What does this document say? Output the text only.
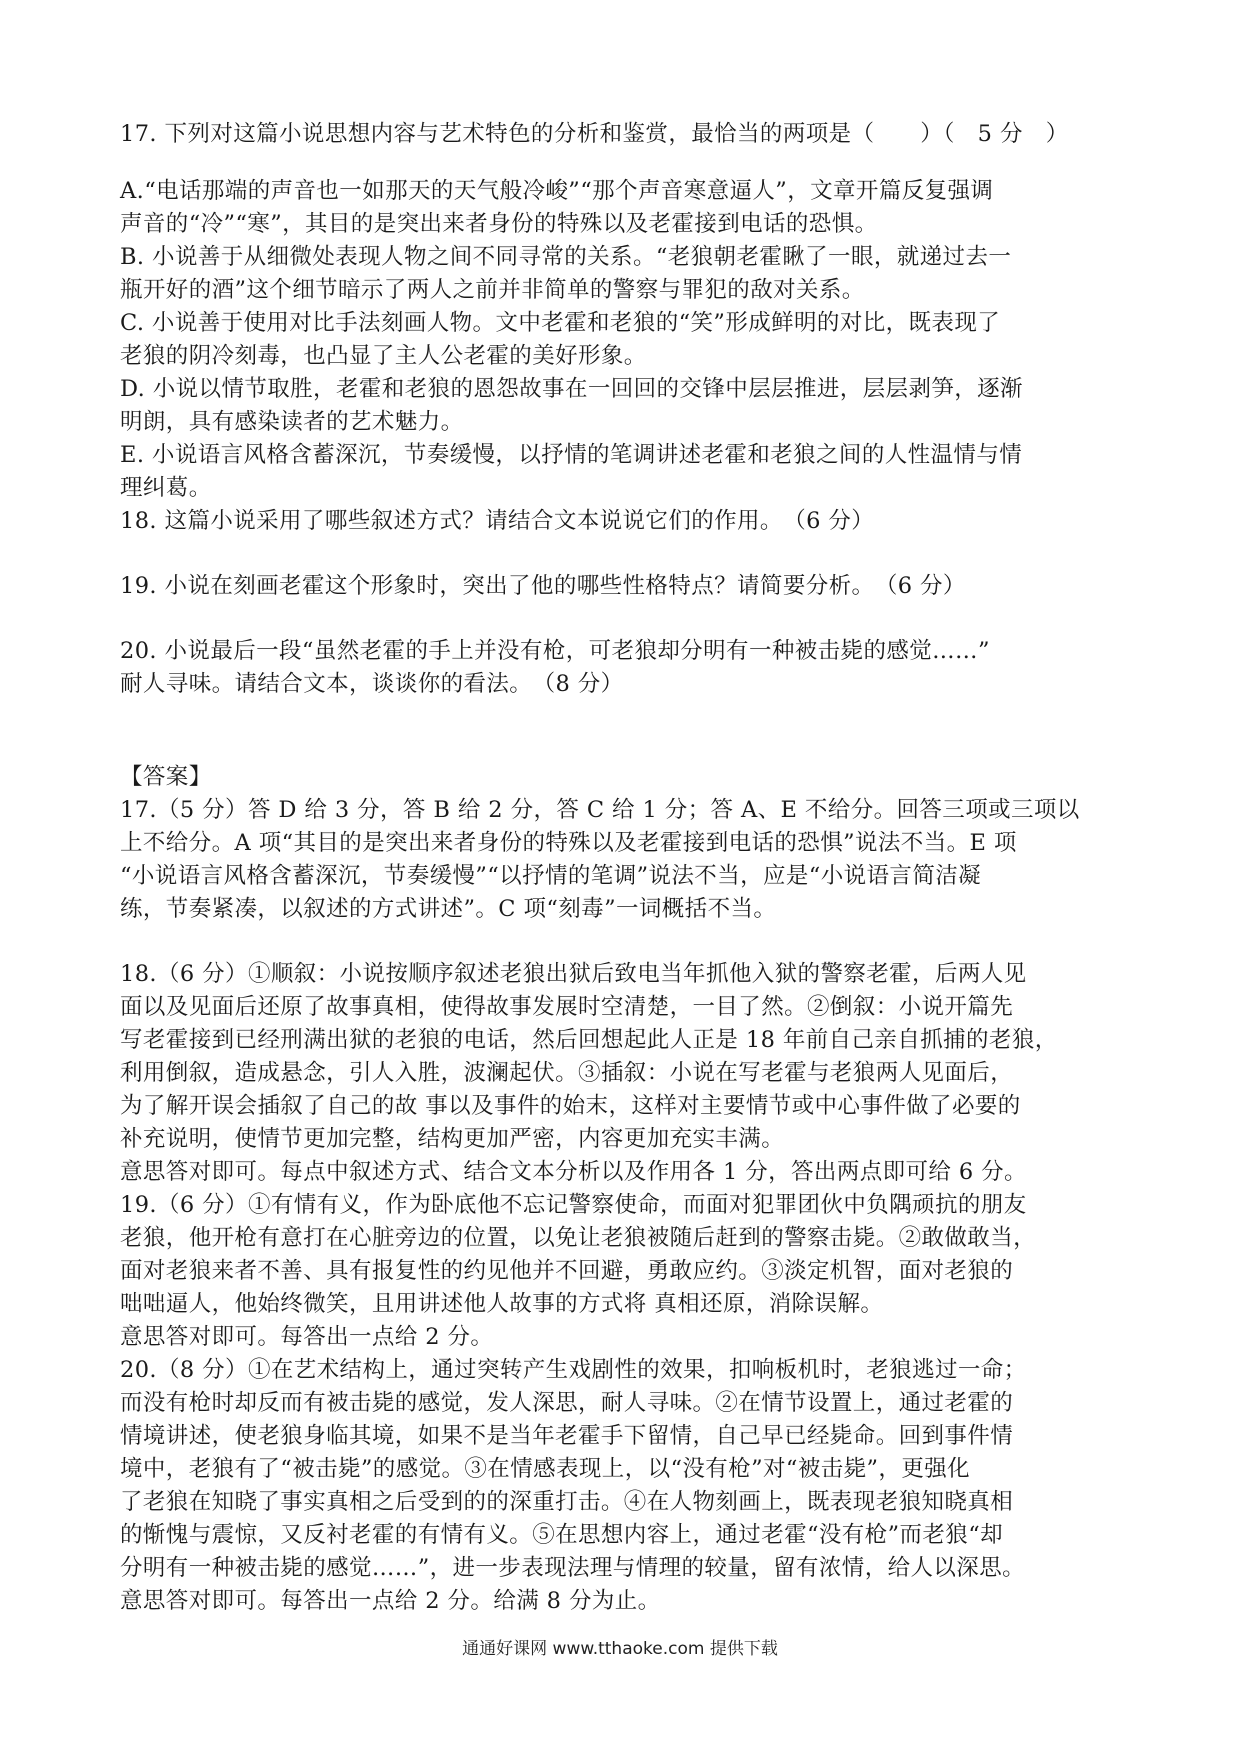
17. 下列对这篇小说思想内容与艺术特色的分析和鉴赏，最恰当的两项是（　　）（　5 分　）

A.“电话那端的声音也一如那天的天气般冷峻”“那个声音寒意逼人”，文章开篇反复强调

声音的“冷”“寒”，其目的是突出来者身份的特殊以及老霍接到电话的恐惧。

B. 小说善于从细微处表现人物之间不同寻常的关系。“老狼朝老霍瞅了一眼，就递过去一

瓶开好的酒”这个细节暗示了两人之前并非简单的警察与罪犯的敌对关系。

C. 小说善于使用对比手法刻画人物。文中老霍和老狼的“笑”形成鲜明的对比，既表现了

老狼的阴冷刻毒，也凸显了主人公老霍的美好形象。

D. 小说以情节取胜，老霍和老狼的恩怨故事在一回回的交锋中层层推进，层层剥笋，逐渐

明朗，具有感染读者的艺术魅力。

E. 小说语言风格含蓄深沉，节奏缓慢，以抒情的笔调讲述老霍和老狼之间的人性温情与情

理纠葛。

18. 这篇小说采用了哪些叙述方式？请结合文本说说它们的作用。　（6 分）

19. 小说在刻画老霍这个形象时，突出了他的哪些性格特点？请简要分析。　（6 分）

20. 小说最后一段“虽然老霍的手上并没有枪，可老狼却分明有一种被击毙的感觉……”

耐人寻味。请结合文本，谈谈你的看法。　（8 分）

【答案】

17.（5 分）答 D 给 3 分，答 B 给 2 分，答 C 给 1 分；答 A、E 不给分。回答三项或三项以

上不给分。A 项“其目的是突出来者身份的特殊以及老霍接到电话的恐惧”说法不当。E 项

“小说语言风格含蓄深沉，节奏缓慢”“以抒情的笔调”说法不当，应是“小说语言简洁凝

练，节奏紧凑，以叙述的方式讲述”。C 项“刻毒”一词概括不当。

18.（6 分）①顺叙：小说按顺序叙述老狼出狱后致电当年抓他入狱的警察老霍，后两人见

面以及见面后还原了故事真相，使得故事发展时空清楚，一目了然。②倒叙：小说开篇先

写老霍接到已经刑满出狱的老狼的电话，然后回想起此人正是 18 年前自己亲自抓捕的老狼，

利用倒叙，造成悬念，引人入胜，波澜起伏。③插叙：小说在写老霍与老狼两人见面后，

为了解开误会插叙了自己的故 事以及事件的始末，这样对主要情节或中心事件做了必要的

补充说明，使情节更加完整，结构更加严密，内容更加充实丰满。

意思答对即可。每点中叙述方式、结合文本分析以及作用各 1 分，答出两点即可给 6 分。

19.（6 分）①有情有义，作为卧底他不忘记警察使命，而面对犯罪团伙中负隅顽抗的朋友

老狼，他开枪有意打在心脏旁边的位置，以免让老狼被随后赶到的警察击毙。②敢做敢当，

面对老狼来者不善、具有报复性的约见他并不回避，勇敢应约。③淡定机智，面对老狼的

咄咄逼人，他始终微笑，且用讲述他人故事的方式将 真相还原，消除误解。

意思答对即可。每答出一点给 2 分。

20.（8 分）①在艺术结构上，通过突转产生戏剧性的效果，扣响板机时，老狼逃过一命；

而没有枪时却反而有被击毙的感觉，发人深思，耐人寻味。②在情节设置上，通过老霍的

情境讲述，使老狼身临其境，如果不是当年老霍手下留情，自己早已经毙命。回到事件情

境中，老狼有了“被击毙”的感觉。③在情感表现上，以“没有枪”对“被击毙”，更强化

了老狼在知晓了事实真相之后受到的的深重打击。④在人物刻画上，既表现老狼知晓真相

的惭愧与震惊，又反衬老霍的有情有义。⑤在思想内容上，通过老霍“没有枪”而老狼“却

分明有一种被击毙的感觉……”，进一步表现法理与情理的较量，留有浓情，给人以深思。

意思答对即可。每答出一点给 2 分。给满 8 分为止。

通通好课网 www.tthaoke.com 提供下载
